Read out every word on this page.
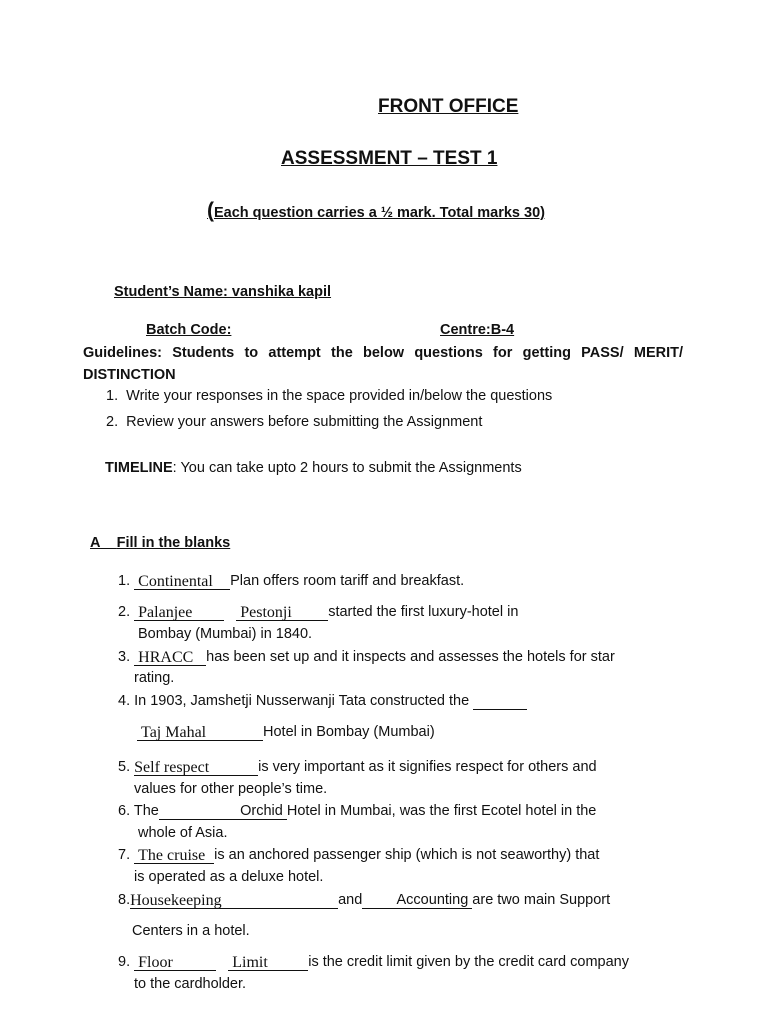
FRONT OFFICE
ASSESSMENT – TEST 1
(Each question carries a ½ mark. Total marks 30)
Student’s Name: vanshika kapil
Batch Code:	Centre:B-4
Guidelines: Students to attempt the below questions for getting PASS/ MERIT/
DISTINCTION
1.  Write your responses in the space provided in/below the questions
2.  Review your answers before submitting the Assignment
TIMELINE: You can take upto 2 hours to submit the Assignments
A Fill in the blanks
1. Continental Plan offers room tariff and breakfast.
2. Palanjee	Pestonji	started the first luxury-hotel in
Bombay (Mumbai) in 1840.
3. HRACC has been set up and it inspects and assesses the hotels for star
rating.
4. In 1903, Jamshetji Nusserwanji Tata constructed the
Taj Mahal	Hotel in Bombay (Mumbai)
5. Self respect	is very important as it signifies respect for others and
values for other people’s time.
6. The	Orchid Hotel in Mumbai, was the first Ecotel hotel in the
whole of Asia.
7. The cruise is an anchored passenger ship (which is not seaworthy) that
is operated as a deluxe hotel.
8.Housekeeping	and Accounting are two main Support
Centers in a hotel.
9. Floor	Limit	is the credit limit given by the credit card company
to the cardholder.
